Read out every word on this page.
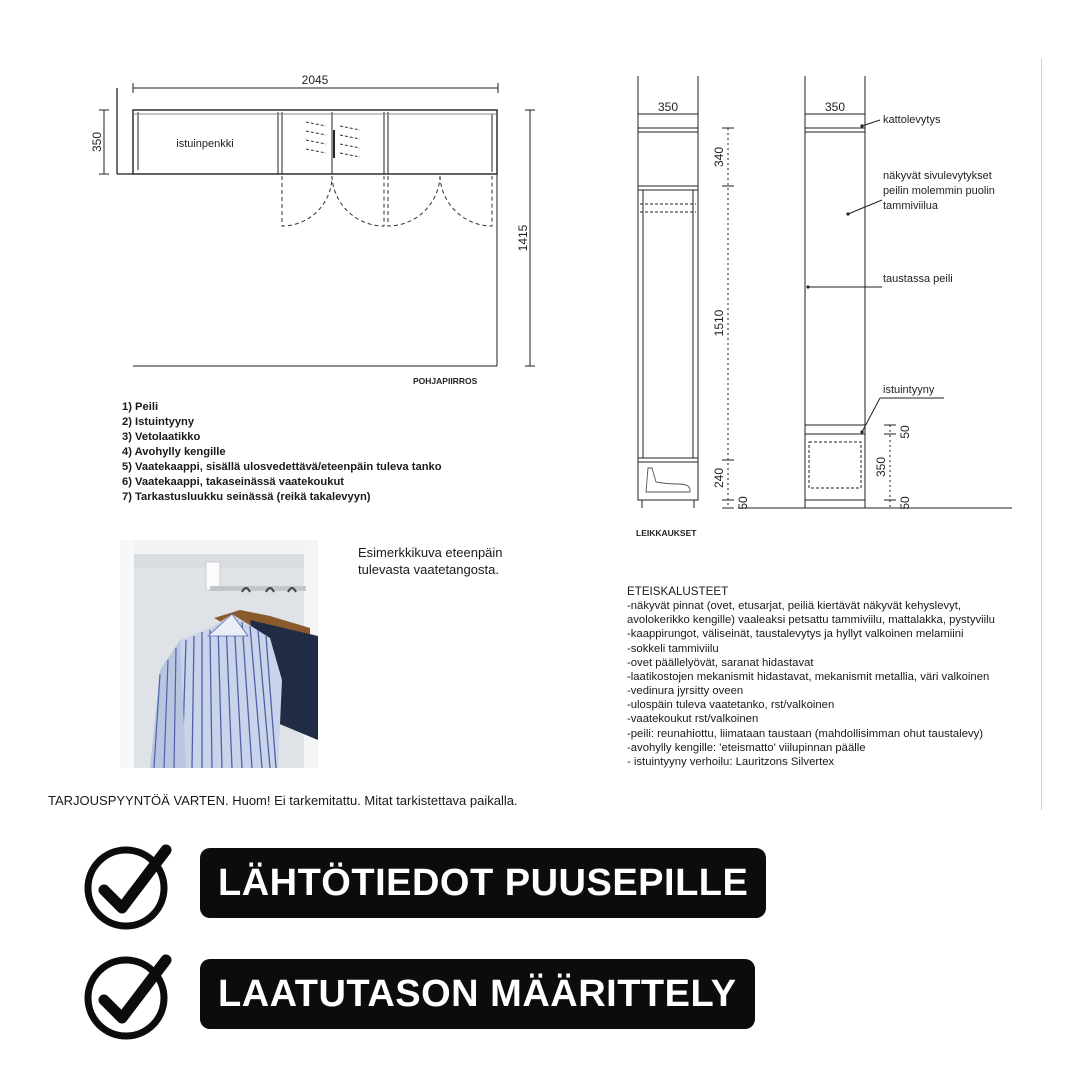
2045
350
1415
istuinpenkki
POHJAPIIRROS
1) Peili
2) Istuintyyny
3) Vetolaatikko
4) Avohylly kengille
5) Vaatekaappi, sisällä ulosvedettävä/eteenpäin tuleva tanko
6) Vaatekaappi, takaseinässä vaatekoukut
7) Tarkastusluukku seinässä (reikä takalevyyn)
350	350
340
1510
240
50
50
350
50
kattolevytys
näkyvät sivulevytykset
peilin molemmin puolin
tammiviilua
taustassa peili
istuintyyny
LEIKKAUKSET
Esimerkkikuva eteenpäin tulevasta vaatetangosta.
ETEISKALUSTEET
-näkyvät pinnat (ovet, etusarjat, peiliä kiertävät näkyvät kehyslevyt,
avolokerikko kengille) vaaleaksi petsattu tammiviilu, mattalakka, pystyviilu
-kaappirungot, väliseinät, taustalevytys ja hyllyt valkoinen melamiini
-sokkeli tammiviilu
-ovet päällelyövät, saranat hidastavat
-laatikostojen mekanismit hidastavat, mekanismit metallia, väri valkoinen
-vedinura jyrsitty oveen
-ulospäin tuleva vaatetanko, rst/valkoinen
-vaatekoukut rst/valkoinen
-peili: reunahiottu, liimataan taustaan (mahdollisimman ohut taustalevy)
-avohylly kengille: 'eteismatto' viilupinnan päälle
- istuintyyny verhoilu: Lauritzons Silvertex
TARJOUSPYYNTÖÄ VARTEN. Huom! Ei tarkemitattu. Mitat tarkistettava paikalla.
LÄHTÖTIEDOT PUUSEPILLE
LAATUTASON MÄÄRITTELY
